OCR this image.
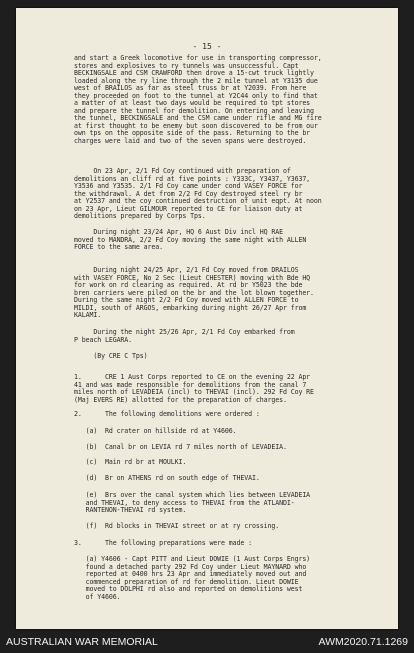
- 15 -
and start a Greek locomotive for use in transporting compressor,
stores and explosives to ry tunnels was unsuccessful. Capt
BECKINGSALE and CSM CRAWFORD then drove a 15-cwt truck lightly
loaded along the ry line through the 2 mile tunnel at Y3135 due
west of BRAILOS as far as steel truss br at Y2039. From here
they proceeded on foot to the tunnel at Y2C44 only to find that
a matter of at least two days would be required to tpt stores
and prepare the tunnel for demolition. On entering and leaving
the tunnel, BECKINGSALE and the CSM came under rifle and MG fire
at first thought to be enemy but soon discovered to be from our
own tps on the opposite side of the pass. Returning to the br
charges were laid and two of the seven spans were destroyed.
On 23 Apr, 2/1 Fd Coy continued with preparation of
demolitions an cliff rd at five points : Y333C, Y3437, Y3637,
Y3536 and Y3535. 2/1 Fd Coy came under cond VASEY FORCE for
the withdrawal. A det from 2/2 Fd Coy destroyed steel ry br
at Y2537 and the coy continued destruction of unit eqpt. At noon
on 23 Apr, Lieut GILMOUR reported to CE for liaison duty at
demolitions prepared by Corps Tps.
During night 23/24 Apr, HQ 6 Aust Div incl HQ RAE
moved to MANDRA, 2/2 Fd Coy moving the same night with ALLEN
FORCE to the same area.
During night 24/25 Apr, 2/1 Fd Coy moved from DRAILOS
with VASEY FORCE, No 2 Sec (Lieut CHESTER) moving with Bde HQ
for work on rd clearing as required. At rd br Y5023 the bde
bren carriers were piled on the br and the lot blown together.
During the same night 2/2 Fd Coy moved with ALLEN FORCE to
MILDI, south of ARGOS, embarking during night 26/27 Apr from
KALAMI.
During the night 25/26 Apr, 2/1 Fd Coy embarked from
P beach LEGARA.
(By CRE C Tps)
1.      CRE 1 Aust Corps reported to CE on the evening 22 Apr
41 and was made responsible for demolitions from the canal 7
miles north of LEVADEIA (incl) to THEVAI (incl). 292 Fd Coy RE
(Maj EVERS RE) allotted for the preparation of charges.
2.      The following demolitions were ordered :
(a)  Rd crater on hillside rd at Y4606.
(b)  Canal br on LEVIA rd 7 miles north of LEVADEIA.
(c)  Main rd br at MOULKI.
(d)  Br on ATHENS rd on south edge of THEVAI.
(e)  Brs over the canal system which lies between LEVADEIA
and THEVAI, to deny access to THEVAI from the ATLANDI-
RANTENON-THEVAI rd system.
(f)  Rd blocks in THEVAI street or at ry crossing.
3.      The following preparations were made :
(a) Y4606 - Capt PITT and Lieut DOWIE (1 Aust Corps Engrs)
found a detached party 292 Fd Coy under Lieut MAYNARD who
reported at 0400 hrs 23 Apr and immediately moved out and
commenced preparation of rd for demolition. Lieut DOWIE
moved to DOLPHI rd also and reported on demolitions west
of Y4606.
AUSTRALIAN WAR MEMORIAL	AWM2020.71.1269
